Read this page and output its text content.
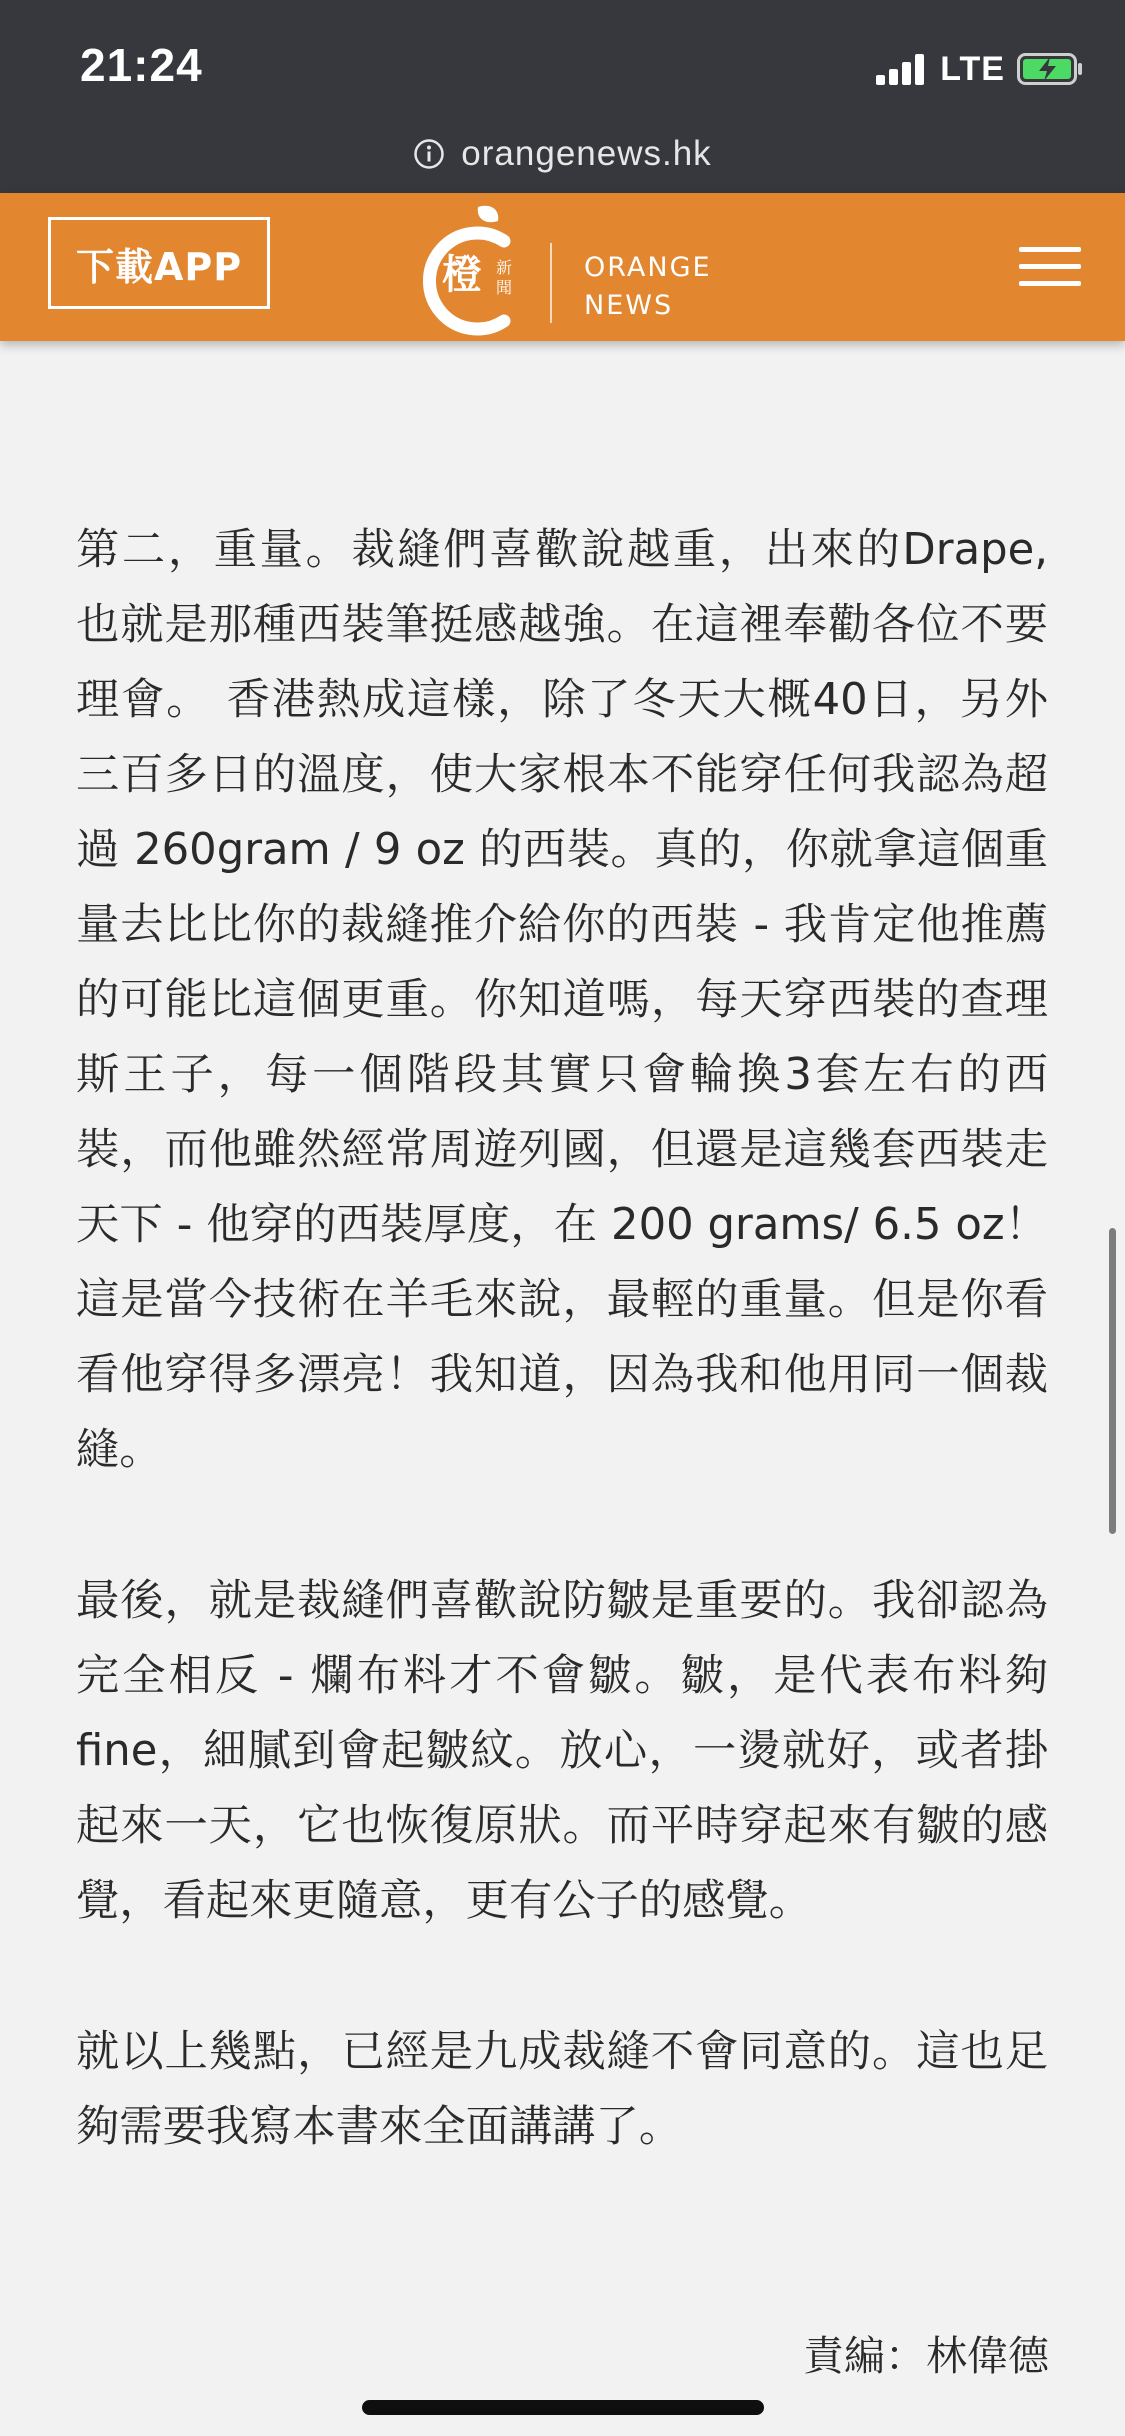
21:24	LTE
orangenews.hk
下載APP	橙 新
聞
ORANGE
NEWS

第二，重量。裁縫們喜歡說越重，出來的Drape, 也就是那種西裝筆挺感越強。在這裡奉勸各位不要理會。 香港熱成這樣，除了冬天大概40日，另外三百多日的溫度，使大家根本不能穿任何我認為超過 260gram / 9 oz 的西裝。真的，你就拿這個重量去比比你的裁縫推介給你的西裝 - 我肯定他推薦的可能比這個更重。你知道嗎，每天穿西裝的查理斯王子，每一個階段其實只會輪換3套左右的西裝，而他雖然經常周遊列國，但還是這幾套西裝走天下 - 他穿的西裝厚度，在 200 grams/ 6.5 oz！這是當今技術在羊毛來說，最輕的重量。但是你看看他穿得多漂亮！我知道，因為我和他用同一個裁縫。

最後，就是裁縫們喜歡說防皺是重要的。我卻認為完全相反 - 爛布料才不會皺。皺，是代表布料夠fine，細膩到會起皺紋。放心，一燙就好，或者掛起來一天，它也恢復原狀。而平時穿起來有皺的感覺，看起來更隨意，更有公子的感覺。

就以上幾點，已經是九成裁縫不會同意的。這也足夠需要我寫本書來全面講講了。

責編：林偉德
